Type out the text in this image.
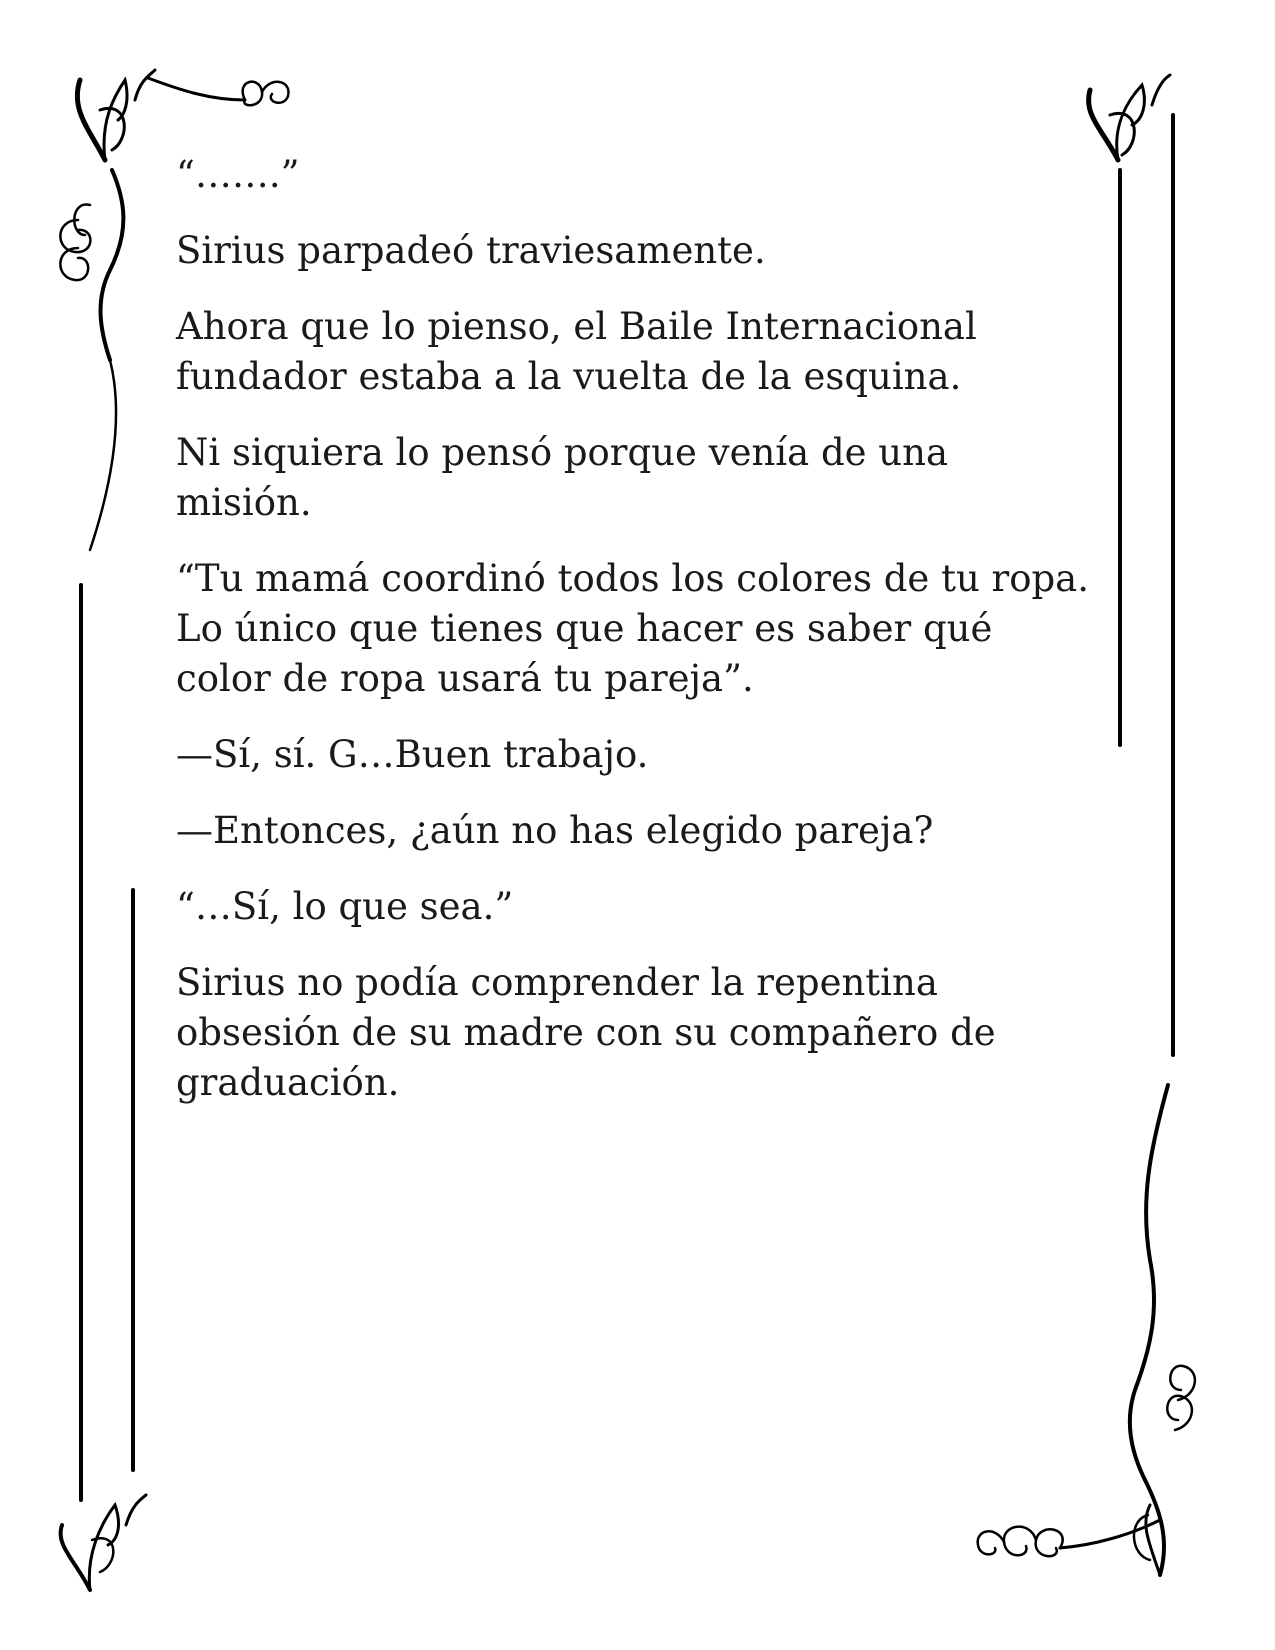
“…….”

Sirius parpadeó traviesamente.

Ahora que lo pienso, el Baile Internacional
fundador estaba a la vuelta de la esquina.

Ni siquiera lo pensó porque venía de una
misión.

“Tu mamá coordinó todos los colores de tu ropa.
Lo único que tienes que hacer es saber qué
color de ropa usará tu pareja”.

—Sí, sí. G…Buen trabajo.

—Entonces, ¿aún no has elegido pareja?

“…Sí, lo que sea.”

Sirius no podía comprender la repentina
obsesión de su madre con su compañero de
graduación.
